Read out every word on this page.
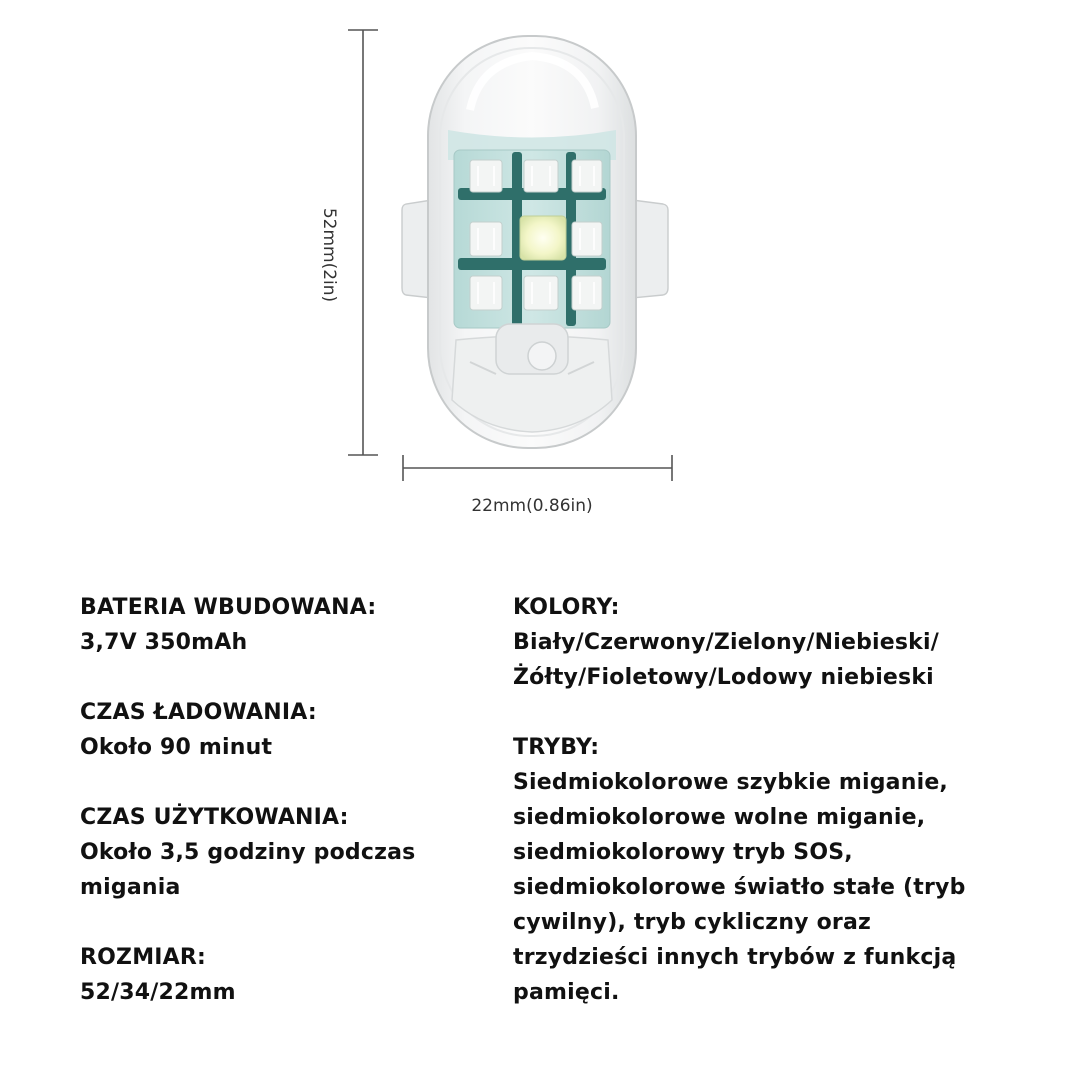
52mm(2in)
22mm(0.86in)
BATERIA WBUDOWANA:
3,7V 350mAh
CZAS ŁADOWANIA:
Około 90 minut
CZAS UŻYTKOWANIA:
Około 3,5 godziny podczas
migania
ROZMIAR:
52/34/22mm
KOLORY:
Biały/Czerwony/Zielony/Niebieski/
Żółty/Fioletowy/Lodowy niebieski
TRYBY:
Siedmiokolorowe szybkie miganie,
siedmiokolorowe wolne miganie,
siedmiokolorowy tryb SOS,
siedmiokolorowe światło stałe (tryb
cywilny), tryb cykliczny oraz
trzydzieści innych trybów z funkcją
pamięci.
